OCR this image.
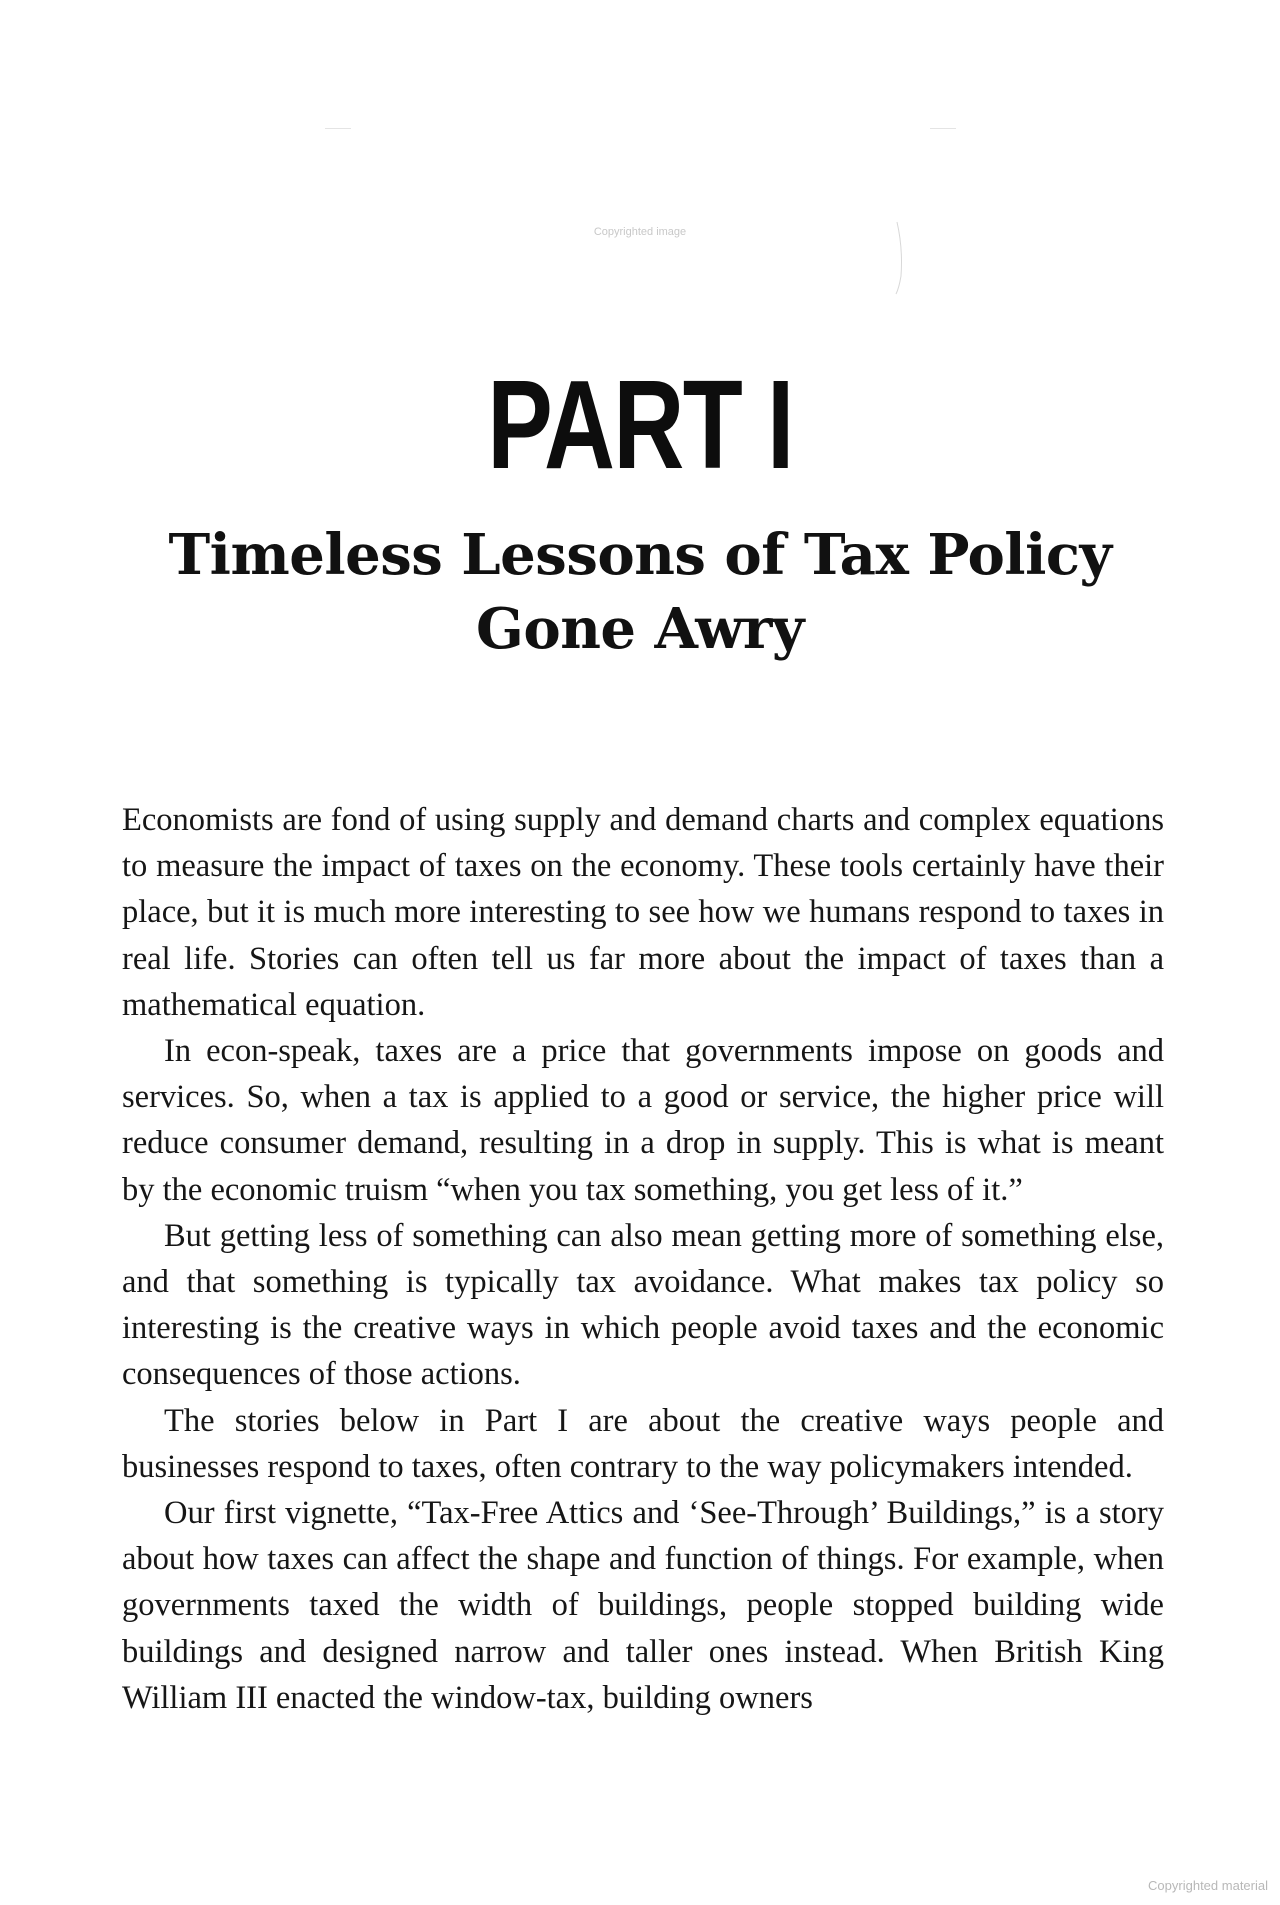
Copyrighted image
PART I
Timeless Lessons of Tax Policy
Gone Awry

Economists are fond of using supply and demand charts and complex equations to measure the impact of taxes on the economy. These tools certainly have their place, but it is much more interesting to see how we humans respond to taxes in real life. Stories can often tell us far more about the impact of taxes than a mathematical equation.

In econ-speak, taxes are a price that governments impose on goods and services. So, when a tax is applied to a good or service, the higher price will reduce consumer demand, resulting in a drop in supply. This is what is meant by the economic truism “when you tax something, you get less of it.”

But getting less of something can also mean getting more of something else, and that something is typically tax avoidance. What makes tax policy so interesting is the creative ways in which people avoid taxes and the economic consequences of those actions.

The stories below in Part I are about the creative ways people and businesses respond to taxes, often contrary to the way policymakers intended.

Our first vignette, “Tax-Free Attics and ‘See-Through’ Buildings,” is a story about how taxes can affect the shape and function of things. For example, when governments taxed the width of buildings, people stopped building wide buildings and designed narrow and taller ones instead. When British King William III enacted the window-tax, building owners

Copyrighted material
